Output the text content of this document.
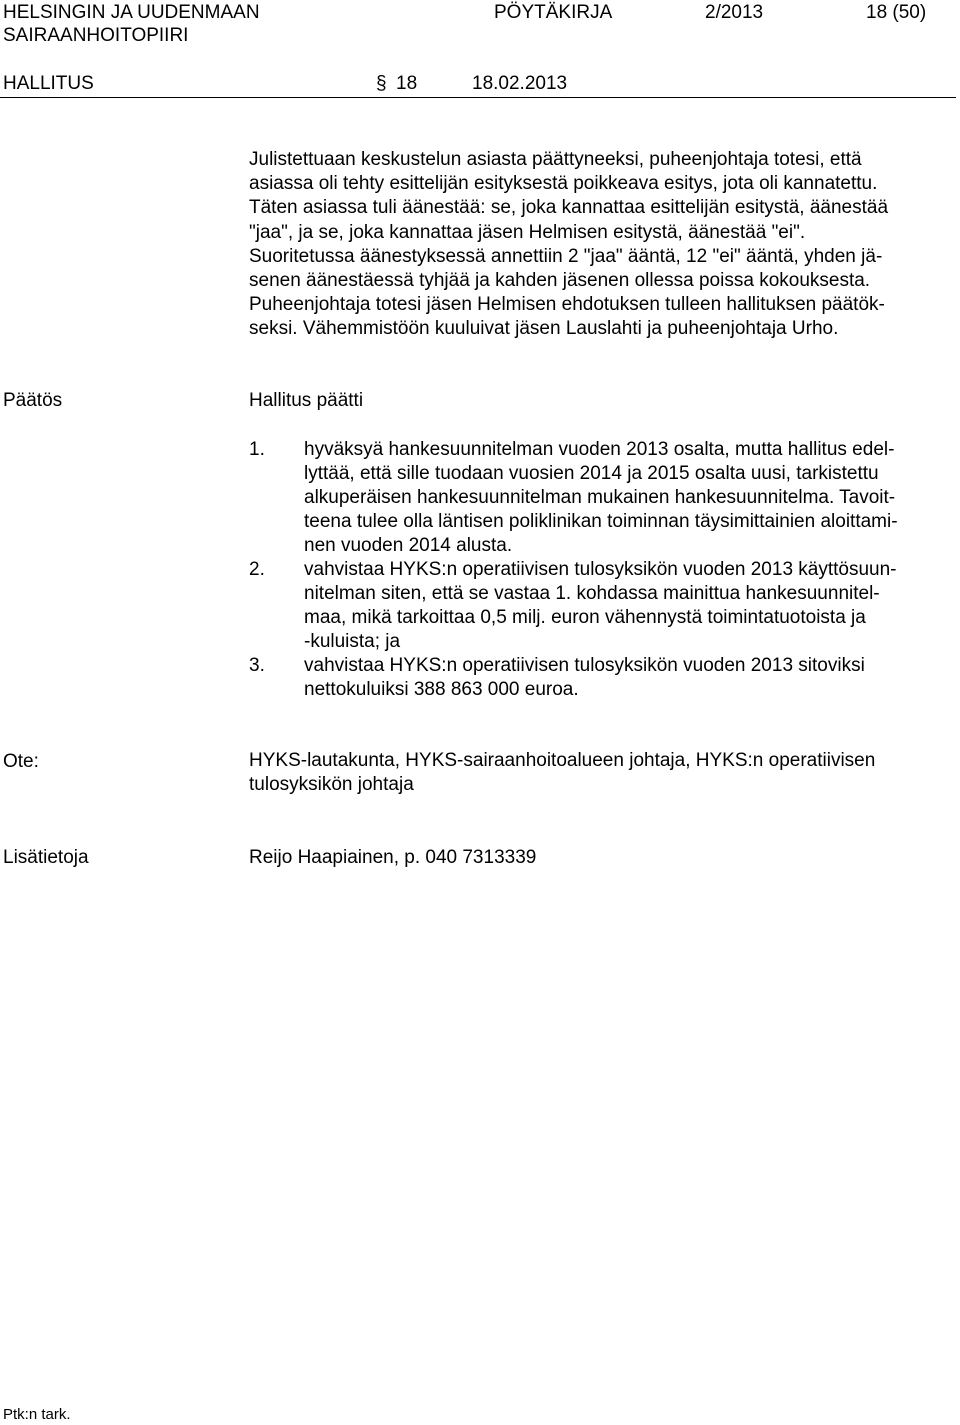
HELSINGIN JA UUDENMAAN
SAIRAANHOITOPIIRI
PÖYTÄKIRJA	2/2013	18 (50)
HALLITUS	§ 18	18.02.2013
Julistettuaan keskustelun asiasta päättyneeksi, puheenjohtaja totesi, että
asiassa oli tehty esittelijän esityksestä poikkeava esitys, jota oli kannatettu.
Täten asiassa tuli äänestää: se, joka kannattaa esittelijän esitystä, äänestää
"jaa", ja se, joka kannattaa jäsen Helmisen esitystä, äänestää "ei".
Suoritetussa äänestyksessä annettiin 2 "jaa" ääntä, 12 "ei" ääntä, yhden jä-
senen äänestäessä tyhjää ja kahden jäsenen ollessa poissa kokouksesta.
Puheenjohtaja totesi jäsen Helmisen ehdotuksen tulleen hallituksen päätök-
seksi. Vähemmistöön kuuluivat jäsen Lauslahti ja puheenjohtaja Urho.
Päätös	Hallitus päätti
1. hyväksyä hankesuunnitelman vuoden 2013 osalta, mutta hallitus edel-
lyttää, että sille tuodaan vuosien 2014 ja 2015 osalta uusi, tarkistettu
alkuperäisen hankesuunnitelman mukainen hankesuunnitelma. Tavoit-
teena tulee olla läntisen poliklinikan toiminnan täysimittainien aloittami-
nen vuoden 2014 alusta.
2. vahvistaa HYKS:n operatiivisen tulosyksikön vuoden 2013 käyttösuun-
nitelman siten, että se vastaa 1. kohdassa mainittua hankesuunnitel-
maa, mikä tarkoittaa 0,5 milj. euron vähennystä toimintatuotoista ja
-kuluista; ja
3. vahvistaa HYKS:n operatiivisen tulosyksikön vuoden 2013 sitoviksi
nettokuluiksi 388 863 000 euroa.
Ote:	HYKS-lautakunta, HYKS-sairaanhoitoalueen johtaja, HYKS:n operatiivisen
tulosyksikön johtaja
Lisätietoja	Reijo Haapiainen, p. 040 7313339
Ptk:n tark.
